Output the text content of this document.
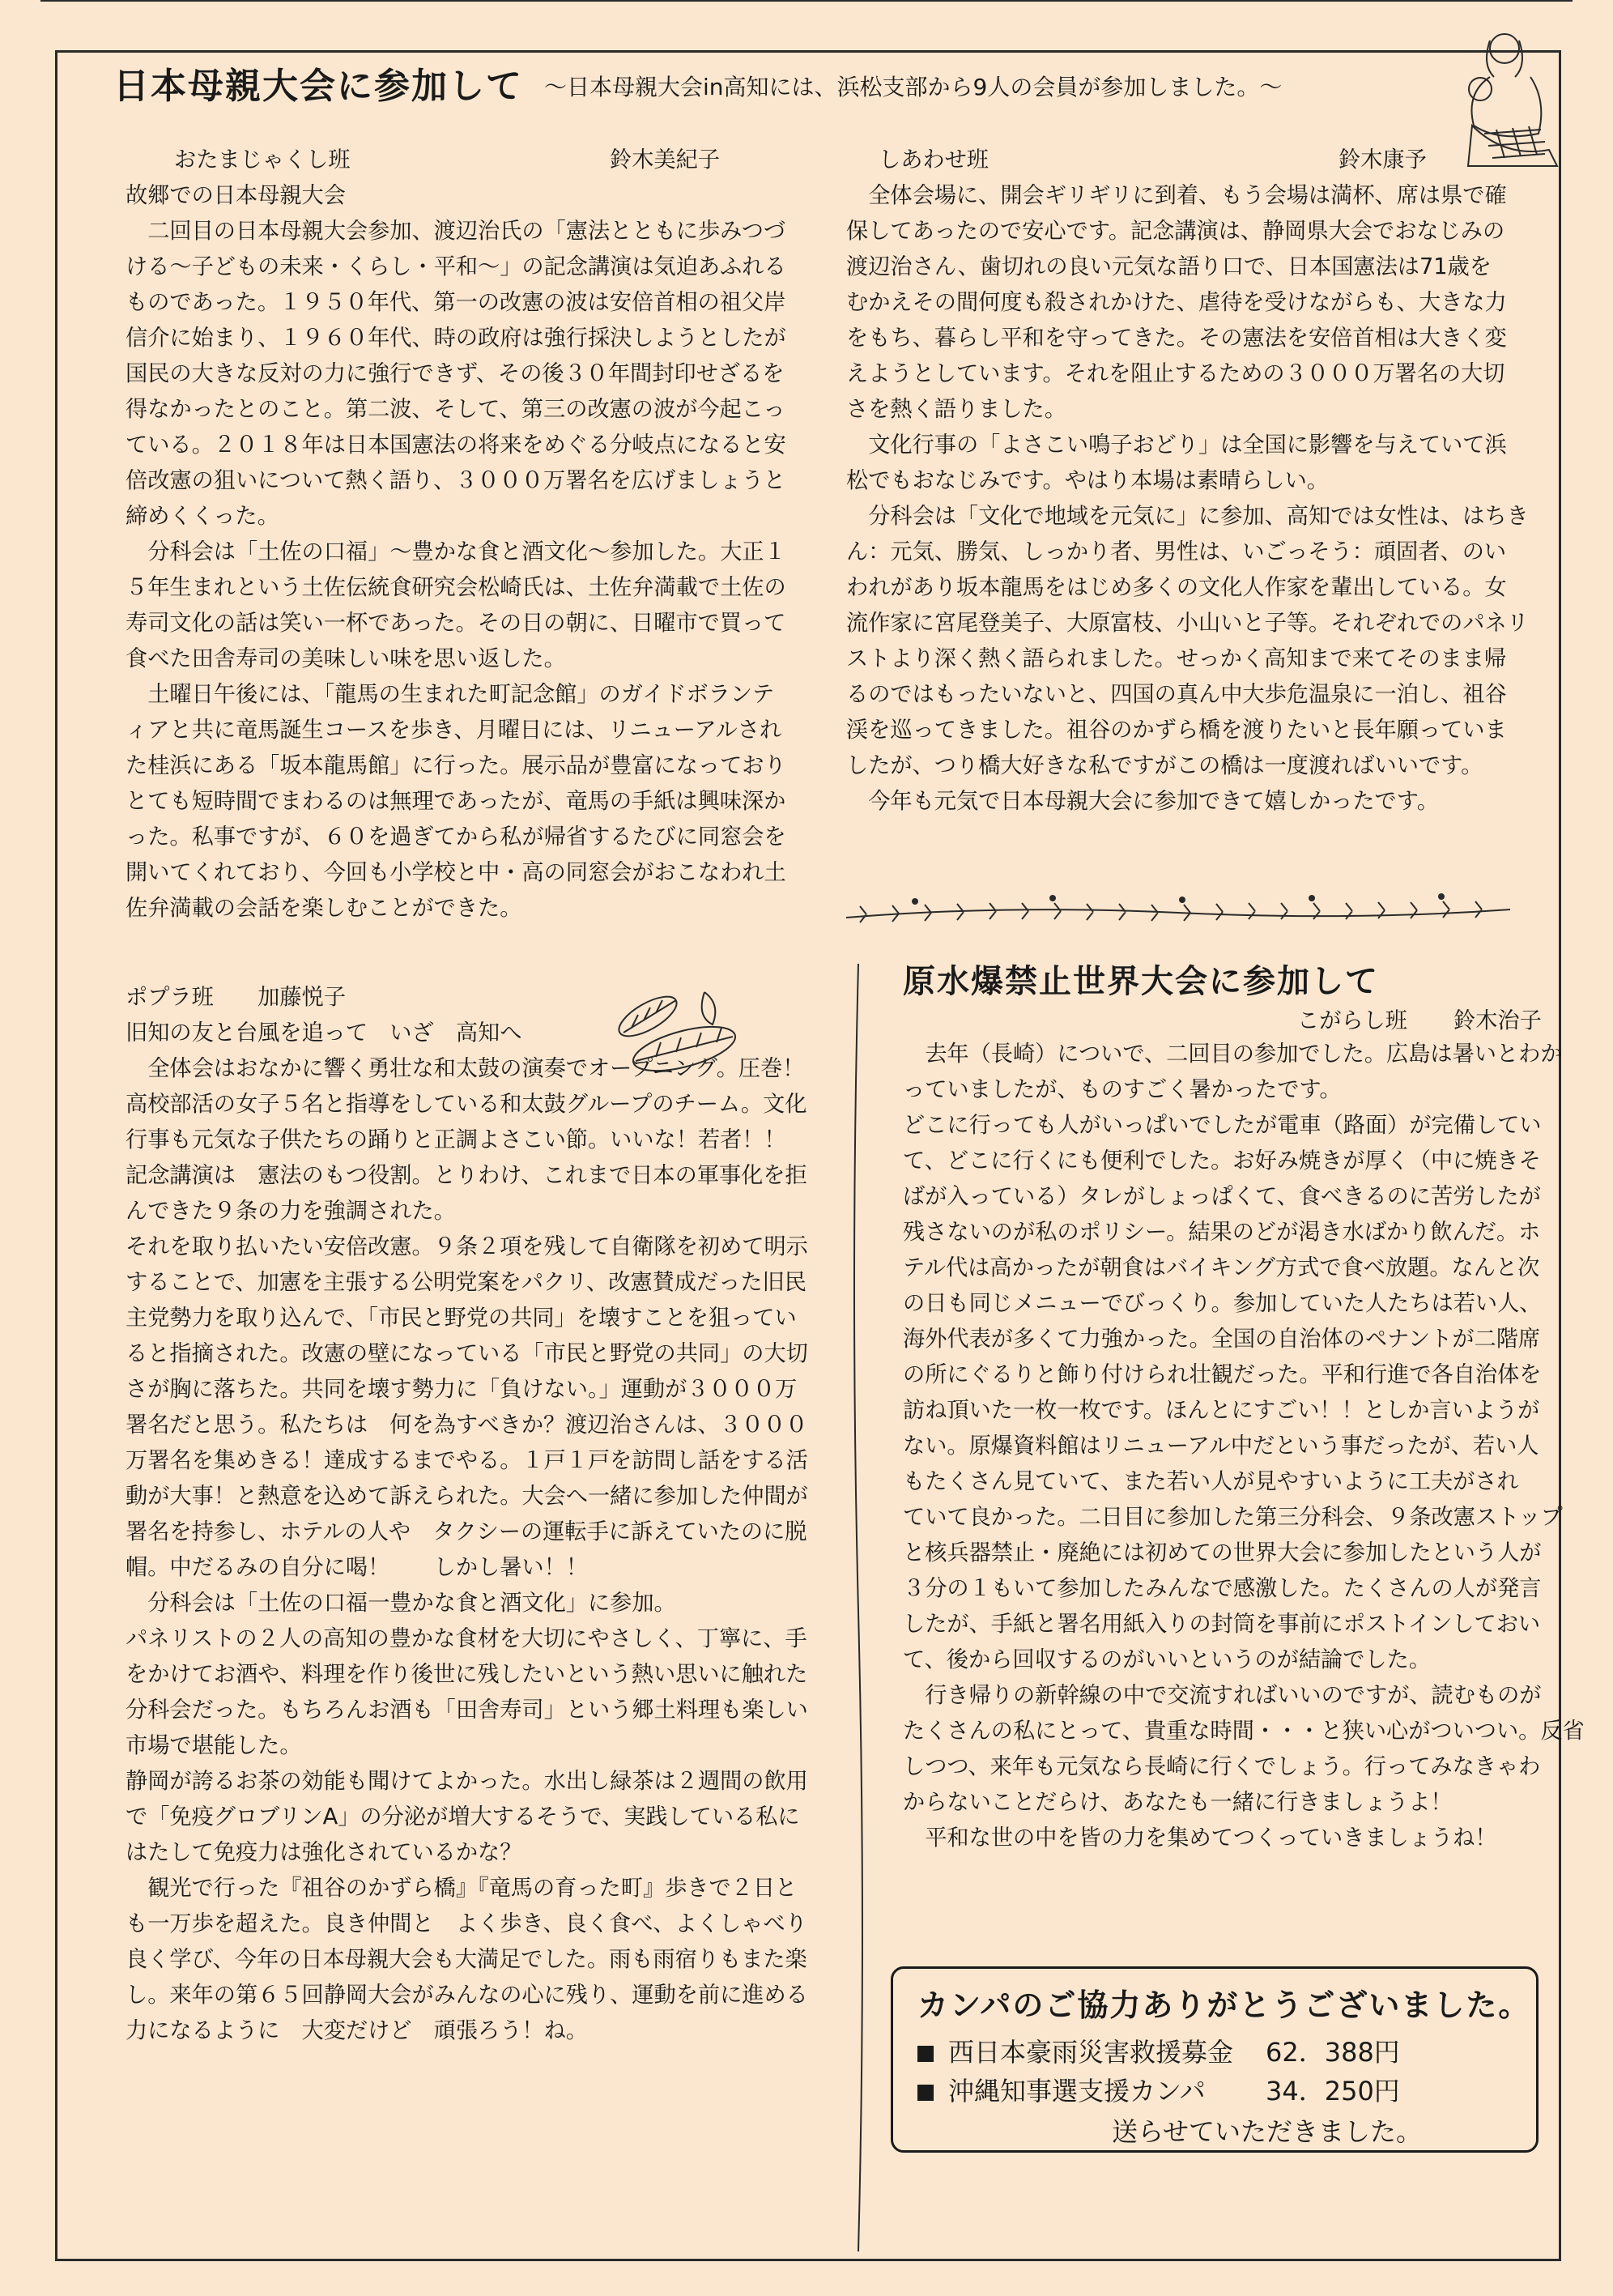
日本母親大会に参加して ～日本母親大会in高知には、浜松支部から9人の会員が参加しました。～
おたまじゃくし班	鈴木美紀子

故郷での日本母親大会

　二回目の日本母親大会参加、渡辺治氏の「憲法とともに歩みつづ

ける～子どもの未来・くらし・平和～」の記念講演は気迫あふれる

ものであった。１９５０年代、第一の改憲の波は安倍首相の祖父岸

信介に始まり、１９６０年代、時の政府は強行採決しようとしたが

国民の大きな反対の力に強行できず、その後３０年間封印せざるを

得なかったとのこと。第二波、そして、第三の改憲の波が今起こっ

ている。２０１８年は日本国憲法の将来をめぐる分岐点になると安

倍改憲の狙いについて熱く語り、３０００万署名を広げましょうと

締めくくった。

　分科会は「土佐の口福」～豊かな食と酒文化～参加した。大正１

５年生まれという土佐伝統食研究会松崎氏は、土佐弁満載で土佐の

寿司文化の話は笑い一杯であった。その日の朝に、日曜市で買って

食べた田舎寿司の美味しい味を思い返した。

　土曜日午後には、「龍馬の生まれた町記念館」のガイドボランテ

ィアと共に竜馬誕生コースを歩き、月曜日には、リニューアルされ

た桂浜にある「坂本龍馬館」に行った。展示品が豊富になっており

とても短時間でまわるのは無理であったが、竜馬の手紙は興味深か

った。私事ですが、６０を過ぎてから私が帰省するたびに同窓会を

開いてくれており、今回も小学校と中・高の同窓会がおこなわれ土

佐弁満載の会話を楽しむことができた。

ポプラ班　　加藤悦子

旧知の友と台風を追って　いざ　高知へ

　全体会はおなかに響く勇壮な和太鼓の演奏でオープニング。圧巻！

高校部活の女子５名と指導をしている和太鼓グループのチーム。文化

行事も元気な子供たちの踊りと正調よさこい節。いいな！若者！！

記念講演は　憲法のもつ役割。とりわけ、これまで日本の軍事化を拒

んできた９条の力を強調された。

それを取り払いたい安倍改憲。９条２項を残して自衛隊を初めて明示

することで、加憲を主張する公明党案をパクリ、改憲賛成だった旧民

主党勢力を取り込んで、「市民と野党の共同」を壊すことを狙ってい

ると指摘された。改憲の壁になっている「市民と野党の共同」の大切

さが胸に落ちた。共同を壊す勢力に「負けない。」運動が３０００万

署名だと思う。私たちは　何を為すべきか？渡辺治さんは、３０００

万署名を集めきる！達成するまでやる。１戸１戸を訪問し話をする活

動が大事！と熱意を込めて訴えられた。大会へ一緒に参加した仲間が

署名を持参し、ホテルの人や　タクシーの運転手に訴えていたのに脱

帽。中だるみの自分に喝！　　しかし暑い！！

　分科会は「土佐の口福一豊かな食と酒文化」に参加。

パネリストの２人の高知の豊かな食材を大切にやさしく、丁寧に、手

をかけてお酒や、料理を作り後世に残したいという熱い思いに触れた

分科会だった。もちろんお酒も「田舎寿司」という郷土料理も楽しい

市場で堪能した。

静岡が誇るお茶の効能も聞けてよかった。水出し緑茶は２週間の飲用

で「免疫グロブリンA」の分泌が増大するそうで、実践している私に

はたして免疫力は強化されているかな？

　観光で行った『祖谷のかずら橋』『竜馬の育った町』歩きで２日と

も一万歩を超えた。良き仲間と　よく歩き、良く食べ、よくしゃべり

良く学び、今年の日本母親大会も大満足でした。雨も雨宿りもまた楽

し。来年の第６５回静岡大会がみんなの心に残り、運動を前に進める

力になるように　大変だけど　頑張ろう！ね。

しあわせ班	鈴木康予

　全体会場に、開会ギリギリに到着、もう会場は満杯、席は県で確

保してあったので安心です。記念講演は、静岡県大会でおなじみの

渡辺治さん、歯切れの良い元気な語り口で、日本国憲法は71歳を

むかえその間何度も殺されかけた、虐待を受けながらも、大きな力

をもち、暮らし平和を守ってきた。その憲法を安倍首相は大きく変

えようとしています。それを阻止するための３０００万署名の大切

さを熱く語りました。

　文化行事の「よさこい鳴子おどり」は全国に影響を与えていて浜

松でもおなじみです。やはり本場は素晴らしい。

　分科会は「文化で地域を元気に」に参加、高知では女性は、はちき

ん：元気、勝気、しっかり者、男性は、いごっそう：頑固者、のい

われがあり坂本龍馬をはじめ多くの文化人作家を輩出している。女

流作家に宮尾登美子、大原富枝、小山いと子等。それぞれでのパネリ

ストより深く熱く語られました。せっかく高知まで来てそのまま帰

るのではもったいないと、四国の真ん中大歩危温泉に一泊し、祖谷

渓を巡ってきました。祖谷のかずら橋を渡りたいと長年願っていま

したが、つり橋大好きな私ですがこの橋は一度渡ればいいです。

　今年も元気で日本母親大会に参加できて嬉しかったです。

原水爆禁止世界大会に参加して
こがらし班 鈴木治子

　去年（長崎）についで、二回目の参加でした。広島は暑いとわか

っていましたが、ものすごく暑かったです。

どこに行っても人がいっぱいでしたが電車（路面）が完備してい

て、どこに行くにも便利でした。お好み焼きが厚く（中に焼きそ

ばが入っている）タレがしょっぱくて、食べきるのに苦労したが

残さないのが私のポリシー。結果のどが渇き水ばかり飲んだ。ホ

テル代は高かったが朝食はバイキング方式で食べ放題。なんと次

の日も同じメニューでびっくり。参加していた人たちは若い人、

海外代表が多くて力強かった。全国の自治体のペナントが二階席

の所にぐるりと飾り付けられ壮観だった。平和行進で各自治体を

訪ね頂いた一枚一枚です。ほんとにすごい！！としか言いようが

ない。原爆資料館はリニューアル中だという事だったが、若い人

もたくさん見ていて、また若い人が見やすいように工夫がされ

ていて良かった。二日目に参加した第三分科会、９条改憲ストップ

と核兵器禁止・廃絶には初めての世界大会に参加したという人が

３分の１もいて参加したみんなで感激した。たくさんの人が発言

したが、手紙と署名用紙入りの封筒を事前にポストインしておい

て、後から回収するのがいいというのが結論でした。

　行き帰りの新幹線の中で交流すればいいのですが、読むものが

たくさんの私にとって、貴重な時間・・・と狭い心がついつい。反省

しつつ、来年も元気なら長崎に行くでしょう。行ってみなきゃわ

からないことだらけ、あなたも一緒に行きましょうよ！

　平和な世の中を皆の力を集めてつくっていきましょうね！

カンパのご協力ありがとうございました。
西日本豪雨災害救援募金 62．388円
沖縄知事選支援カンパ 34．250円
送らせていただきました。
